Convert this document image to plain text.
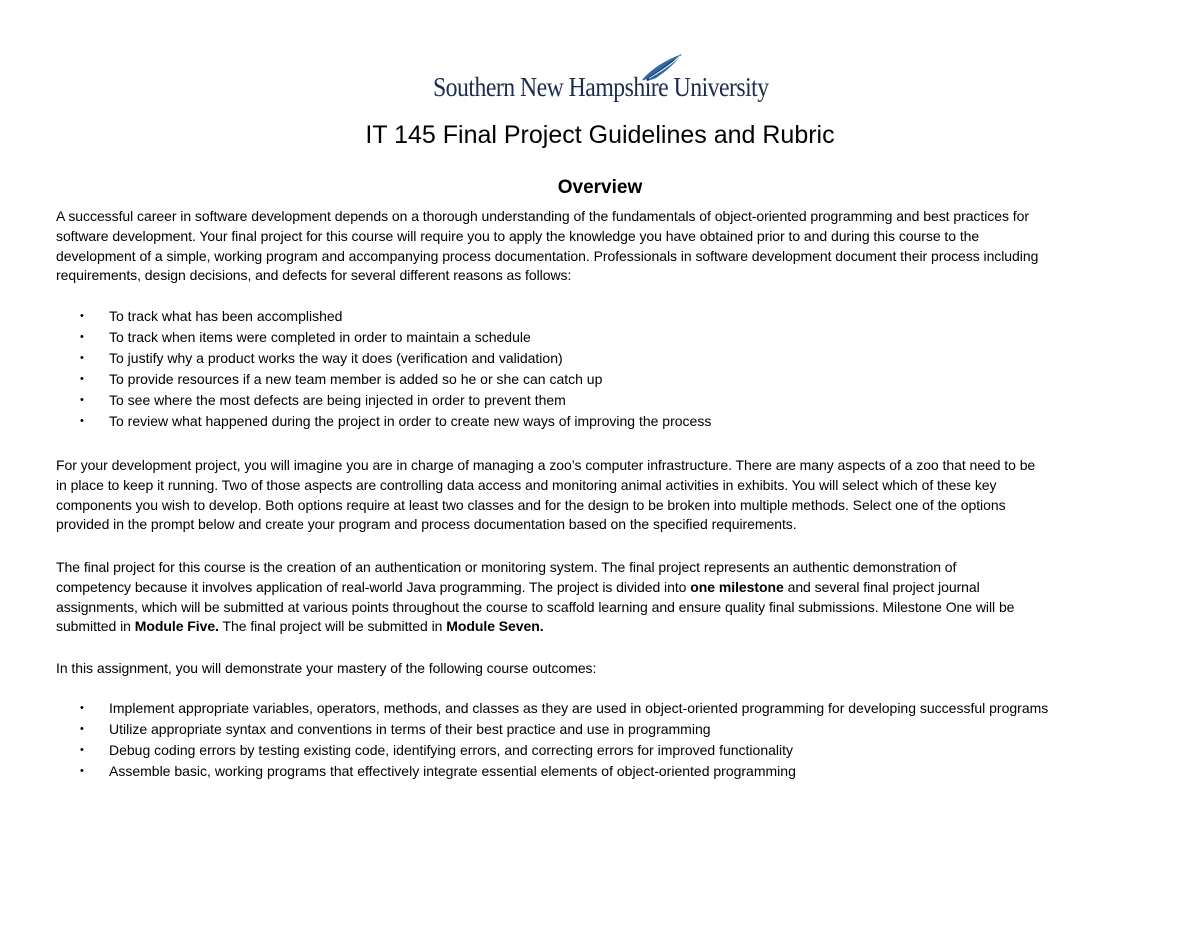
Southern New Hampshire University
IT 145 Final Project Guidelines and Rubric
Overview

A successful career in software development depends on a thorough understanding of the fundamentals of object-oriented programming and best practices for

software development. Your final project for this course will require you to apply the knowledge you have obtained prior to and during this course to the

development of a simple, working program and accompanying process documentation. Professionals in software development document their process including

requirements, design decisions, and defects for several different reasons as follows:

• To track what has been accomplished
• To track when items were completed in order to maintain a schedule
• To justify why a product works the way it does (verification and validation)
• To provide resources if a new team member is added so he or she can catch up
• To see where the most defects are being injected in order to prevent them
• To review what happened during the project in order to create new ways of improving the process

For your development project, you will imagine you are in charge of managing a zoo’s computer infrastructure. There are many aspects of a zoo that need to be

in place to keep it running. Two of those aspects are controlling data access and monitoring animal activities in exhibits. You will select which of these key

components you wish to develop. Both options require at least two classes and for the design to be broken into multiple methods. Select one of the options

provided in the prompt below and create your program and process documentation based on the specified requirements.

The final project for this course is the creation of an authentication or monitoring system. The final project represents an authentic demonstration of

competency because it involves application of real-world Java programming. The project is divided into one milestone and several final project journal

assignments, which will be submitted at various points throughout the course to scaffold learning and ensure quality final submissions. Milestone One will be

submitted in Module Five. The final project will be submitted in Module Seven.

In this assignment, you will demonstrate your mastery of the following course outcomes:

• Implement appropriate variables, operators, methods, and classes as they are used in object-oriented programming for developing successful programs
• Utilize appropriate syntax and conventions in terms of their best practice and use in programming
• Debug coding errors by testing existing code, identifying errors, and correcting errors for improved functionality
• Assemble basic, working programs that effectively integrate essential elements of object-oriented programming
